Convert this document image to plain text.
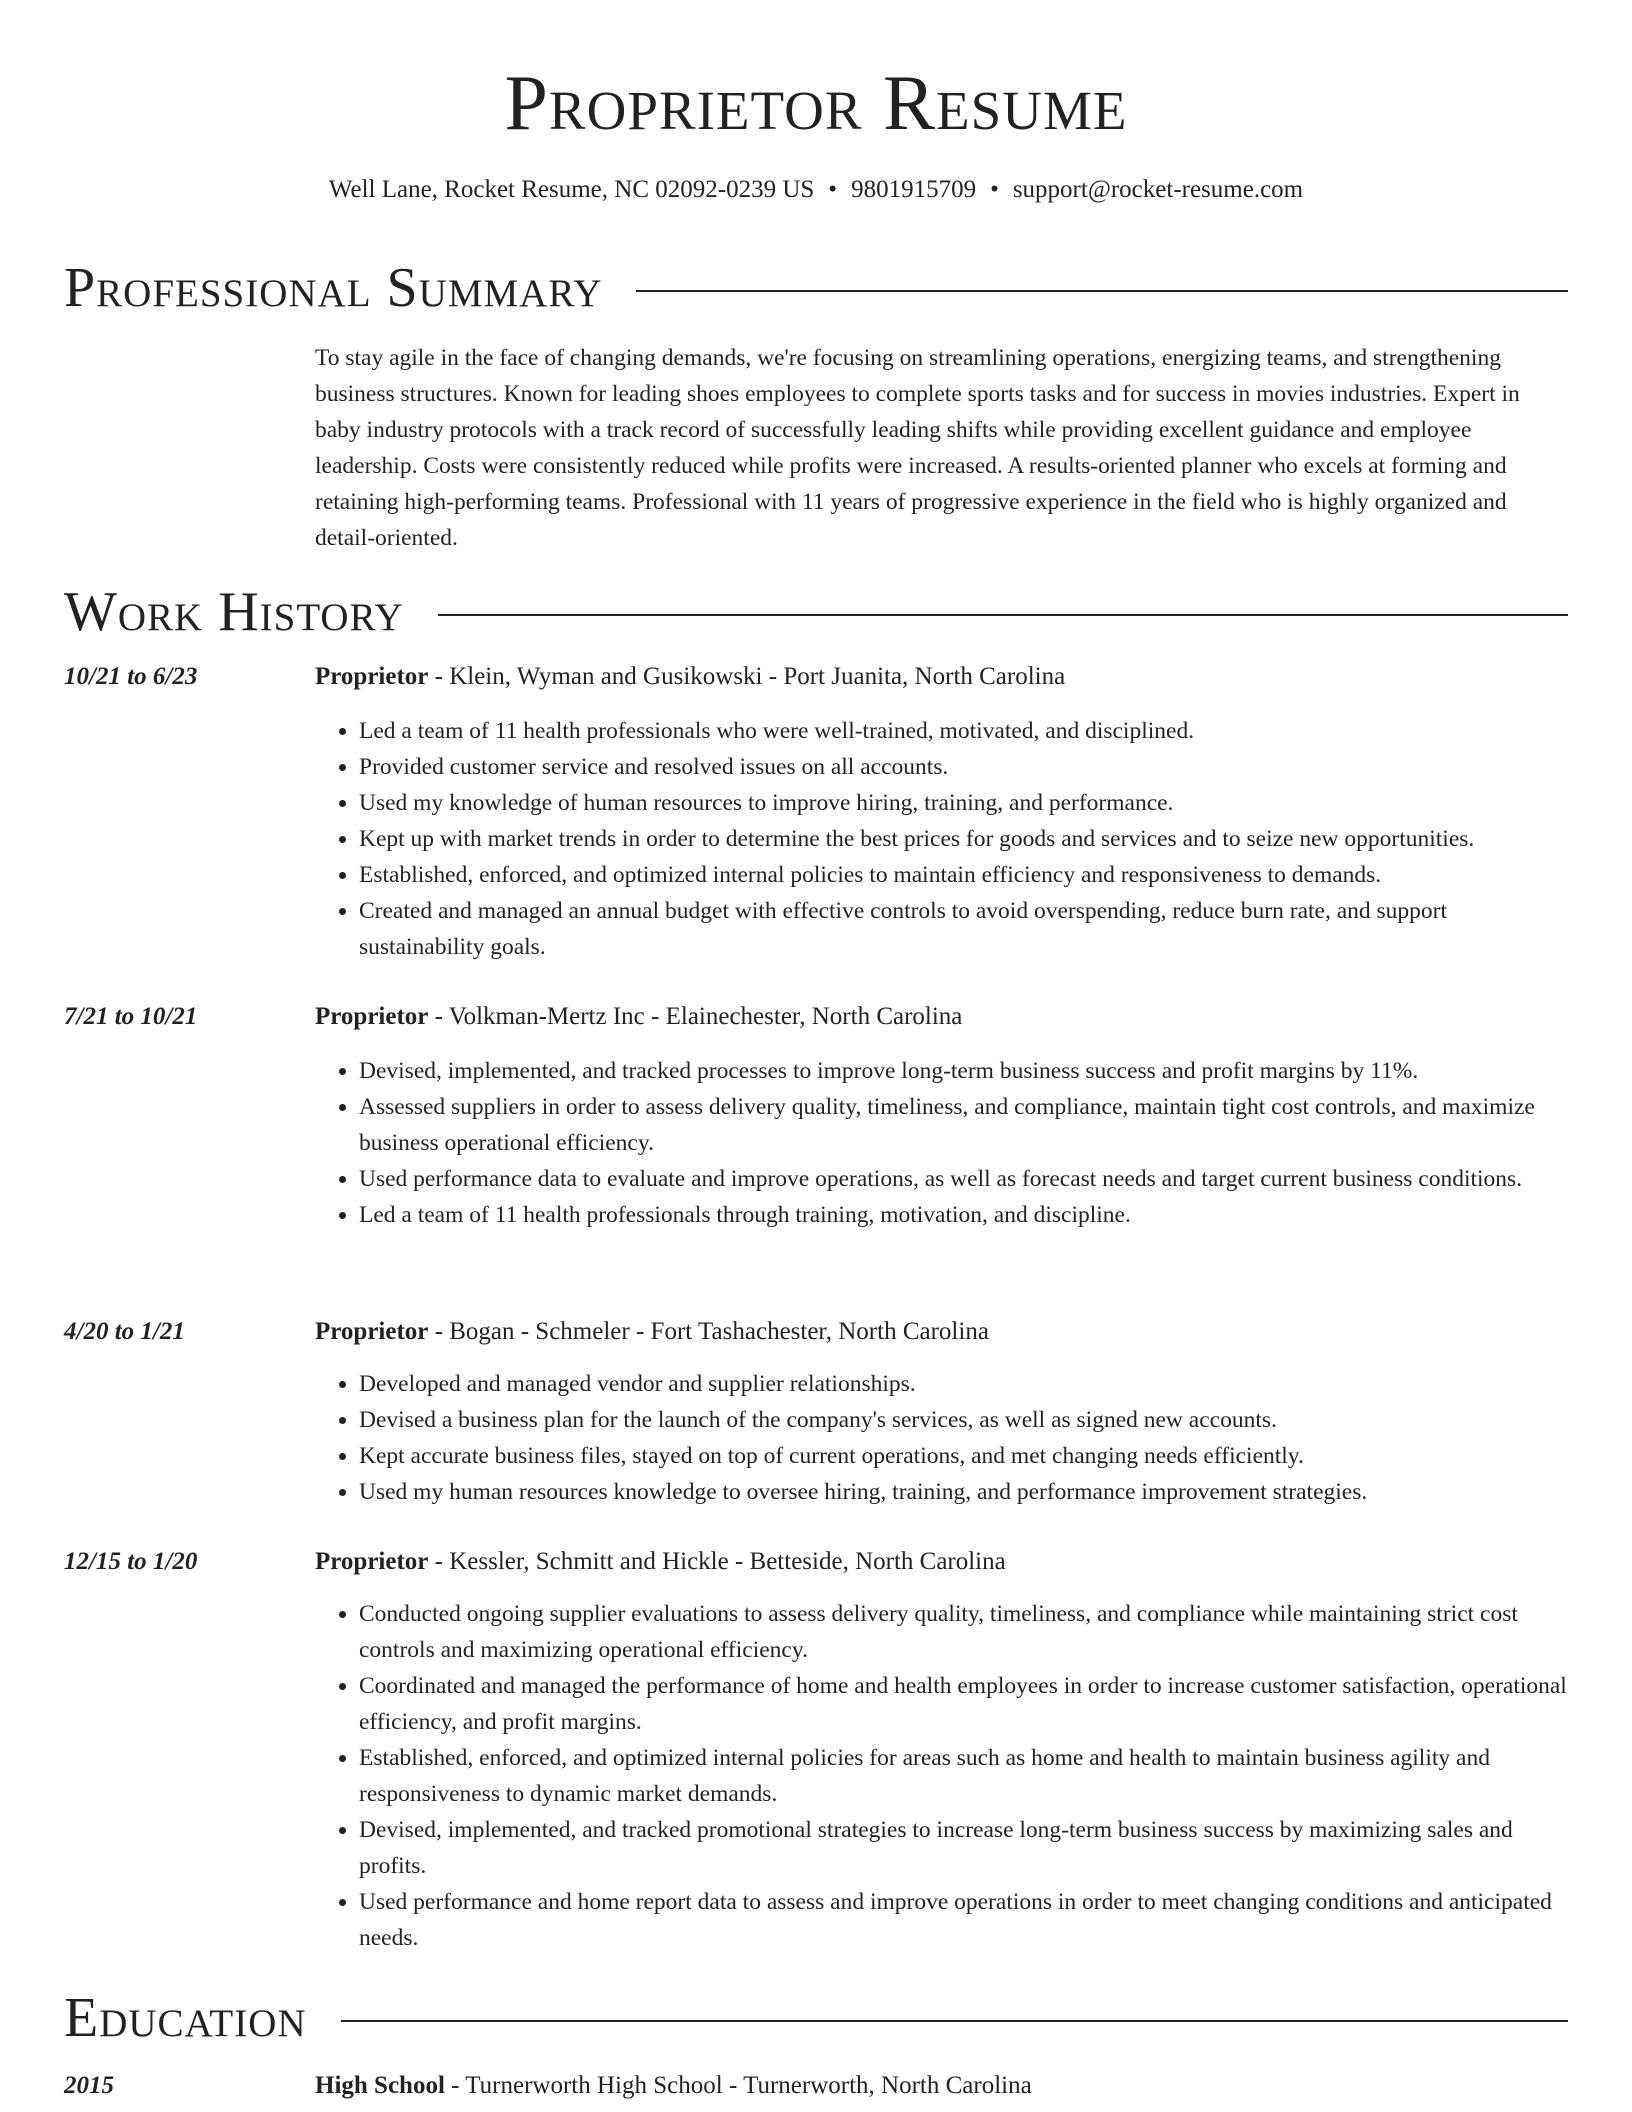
Proprietor Resume
Well Lane, Rocket Resume, NC 02092-0239 US • 9801915709 • support@rocket-resume.com
Professional Summary
To stay agile in the face of changing demands, we're focusing on streamlining operations, energizing teams, and strengthening business structures. Known for leading shoes employees to complete sports tasks and for success in movies industries. Expert in baby industry protocols with a track record of successfully leading shifts while providing excellent guidance and employee leadership. Costs were consistently reduced while profits were increased. A results-oriented planner who excels at forming and retaining high-performing teams. Professional with 11 years of progressive experience in the field who is highly organized and detail-oriented.
Work History
10/21 to 6/23	Proprietor - Klein, Wyman and Gusikowski - Port Juanita, North Carolina
• Led a team of 11 health professionals who were well-trained, motivated, and disciplined.
• Provided customer service and resolved issues on all accounts.
• Used my knowledge of human resources to improve hiring, training, and performance.
• Kept up with market trends in order to determine the best prices for goods and services and to seize new opportunities.
• Established, enforced, and optimized internal policies to maintain efficiency and responsiveness to demands.
• Created and managed an annual budget with effective controls to avoid overspending, reduce burn rate, and support sustainability goals.
7/21 to 10/21	Proprietor - Volkman-Mertz Inc - Elainechester, North Carolina
• Devised, implemented, and tracked processes to improve long-term business success and profit margins by 11%.
• Assessed suppliers in order to assess delivery quality, timeliness, and compliance, maintain tight cost controls, and maximize business operational efficiency.
• Used performance data to evaluate and improve operations, as well as forecast needs and target current business conditions.
• Led a team of 11 health professionals through training, motivation, and discipline.
4/20 to 1/21	Proprietor - Bogan - Schmeler - Fort Tashachester, North Carolina
• Developed and managed vendor and supplier relationships.
• Devised a business plan for the launch of the company's services, as well as signed new accounts.
• Kept accurate business files, stayed on top of current operations, and met changing needs efficiently.
• Used my human resources knowledge to oversee hiring, training, and performance improvement strategies.
12/15 to 1/20	Proprietor - Kessler, Schmitt and Hickle - Betteside, North Carolina
• Conducted ongoing supplier evaluations to assess delivery quality, timeliness, and compliance while maintaining strict cost controls and maximizing operational efficiency.
• Coordinated and managed the performance of home and health employees in order to increase customer satisfaction, operational efficiency, and profit margins.
• Established, enforced, and optimized internal policies for areas such as home and health to maintain business agility and responsiveness to dynamic market demands.
• Devised, implemented, and tracked promotional strategies to increase long-term business success by maximizing sales and profits.
• Used performance and home report data to assess and improve operations in order to meet changing conditions and anticipated needs.
Education
2015	High School - Turnerworth High School - Turnerworth, North Carolina
